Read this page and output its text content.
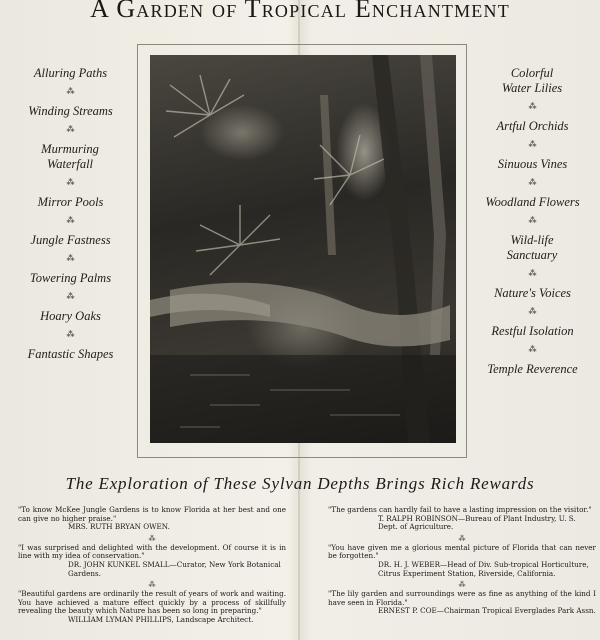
A Garden of Tropical Enchantment
Alluring Paths
⁂
Winding Streams
⁂
Murmuring Waterfall
⁂
Mirror Pools
⁂
Jungle Fastness
⁂
Towering Palms
⁂
Hoary Oaks
⁂
Fantastic Shapes
Colorful Water Lilies
⁂
Artful Orchids
⁂
Sinuous Vines
⁂
Woodland Flowers
⁂
Wild-life Sanctuary
⁂
Nature's Voices
⁂
Restful Isolation
⁂
Temple Reverence
The Exploration of These Sylvan Depths Brings Rich Rewards
"To know McKee Jungle Gardens is to know Florida at her best and one can give no higher praise."
MRS. RUTH BRYAN OWEN.
⁂
"I was surprised and delighted with the development. Of course it is in line with my idea of conservation."
DR. JOHN KUNKEL SMALL—Curator, New York Botanical Gardens.
⁂
"Beautiful gardens are ordinarily the result of years of work and waiting. You have achieved a mature effect quickly by a process of skillfully revealing the beauty which Nature has been so long in preparing."
WILLIAM LYMAN PHILLIPS, Landscape Architect.
"The gardens can hardly fail to have a lasting impression on the visitor."
T. RALPH ROBINSON—Bureau of Plant Industry, U. S. Dept. of Agriculture.
⁂
"You have given me a glorious mental picture of Florida that can never be forgotten."
DR. H. J. WEBER—Head of Div. Sub-tropical Horticulture, Citrus Experiment Station, Riverside, California.
⁂
"The lily garden and surroundings were as fine as anything of the kind I have seen in Florida."
ERNEST P. COE—Chairman Tropical Everglades Park Assn.
